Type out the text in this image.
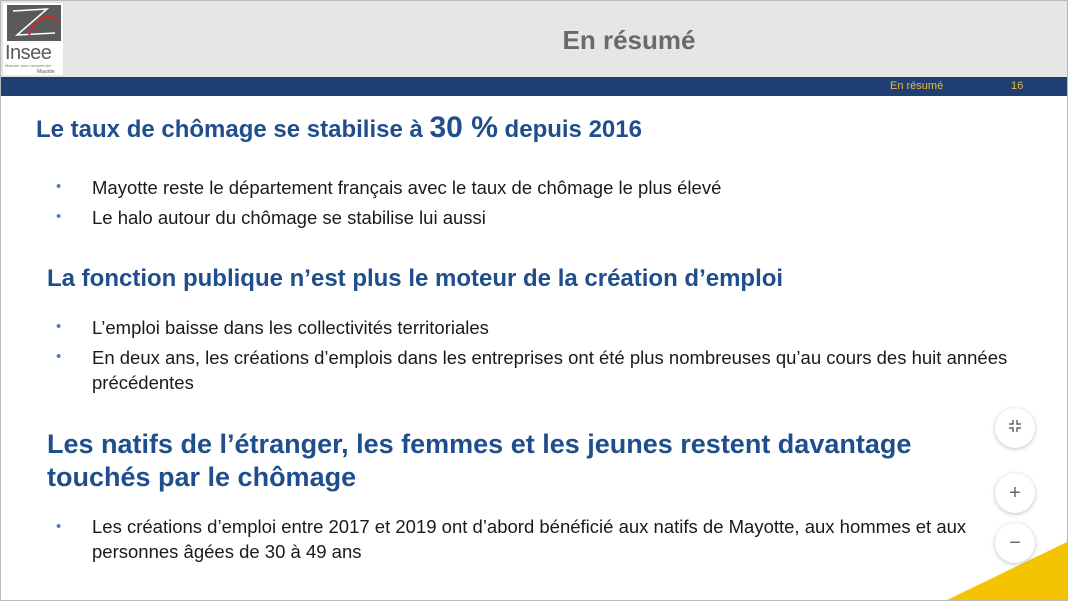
Insee
Mesurer pour comprendre
Mayotte
En résumé
En résumé	16
Le taux de chômage se stabilise à 30 % depuis 2016
• Mayotte reste le département français avec le taux de chômage le plus élevé
• Le halo autour du chômage se stabilise lui aussi
La fonction publique n’est plus le moteur de la création d’emploi
• L’emploi baisse dans les collectivités territoriales
• En deux ans, les créations d’emplois dans les entreprises ont été plus nombreuses qu’au cours des huit années précédentes
Les natifs de l’étranger, les femmes et les jeunes restent davantage touchés par le chômage
• Les créations d’emploi entre 2017 et 2019 ont d’abord bénéficié aux natifs de Mayotte, aux hommes et aux personnes âgées de 30 à 49 ans
+
−
